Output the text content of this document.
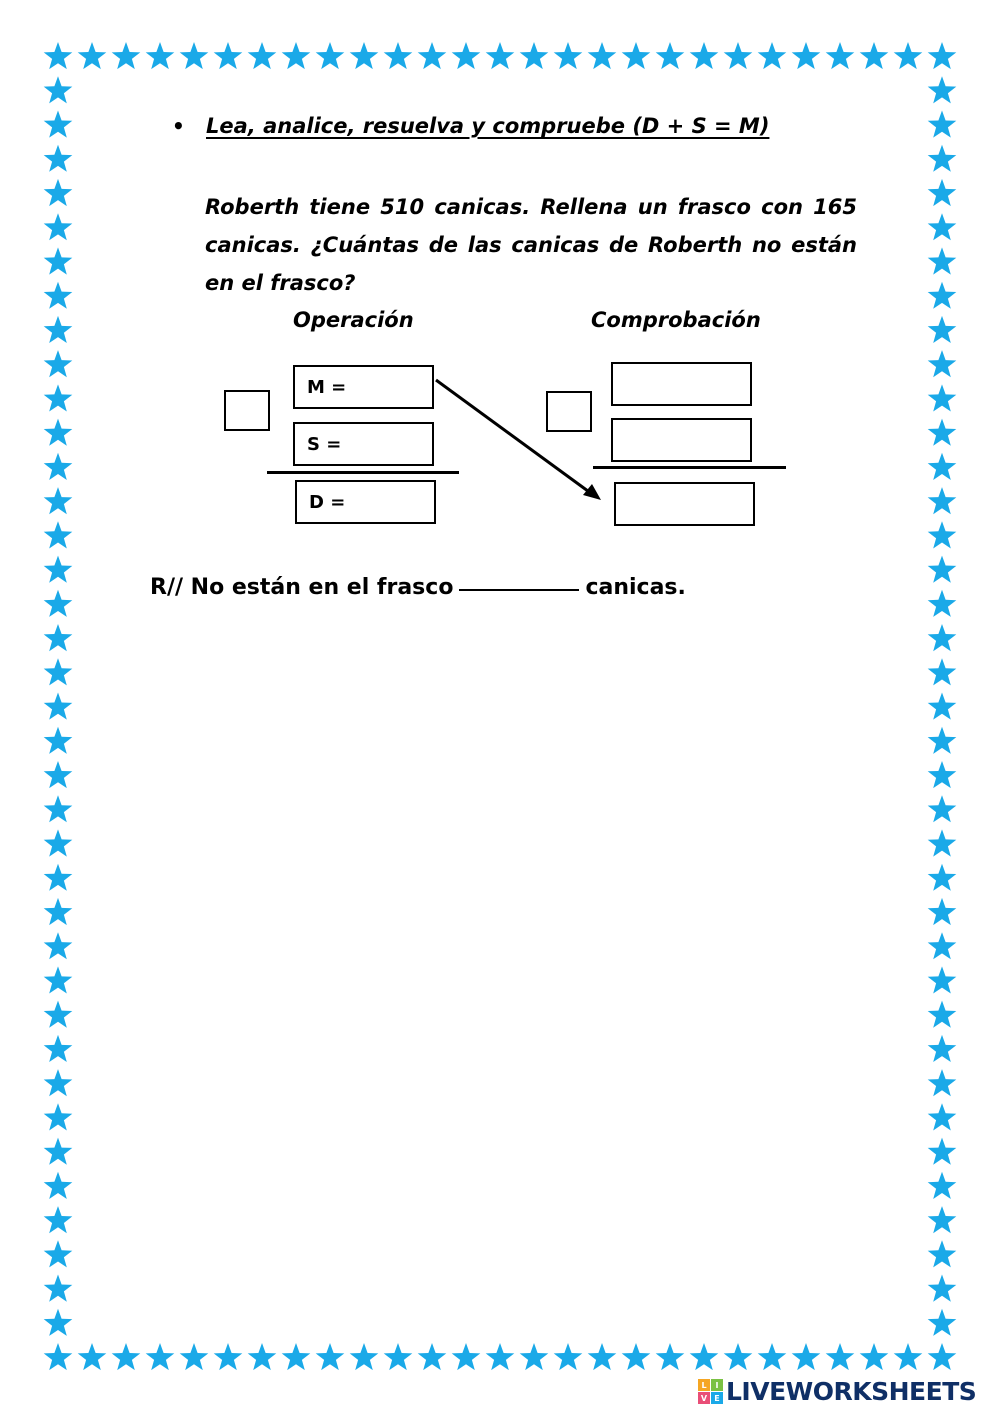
•	Lea, analice, resuelva y compruebe (D + S = M)

Roberth tiene 510 canicas. Rellena un frasco con 165 canicas. ¿Cuántas de las canicas de Roberth no están en el frasco?

Operación	Comprobación
M =
S =
D =
R// No están en el frasco	canicas.
L	I
V E LIVEWORKSHEETS
